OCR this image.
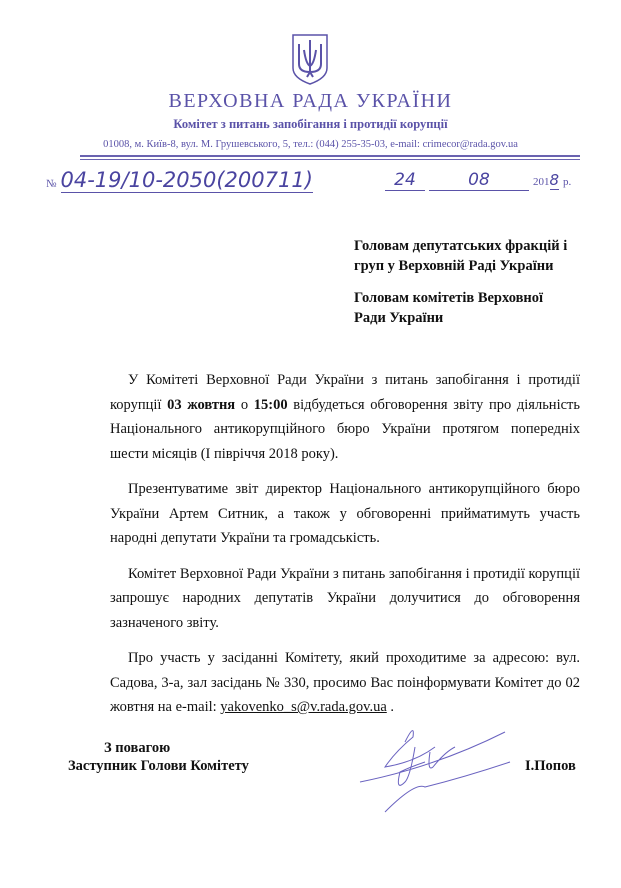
ВЕРХОВНА РАДА УКРАЇНИ
Комітет з питань запобігання і протидії корупції
01008, м. Київ-8, вул. М. Грушевського, 5, тел.: (044) 255-35-03, e-mail: crimecor@rada.gov.ua
№ 04-19/10-2050(200711)	24	08	2018 р.
Головам депутатських фракцій і
груп у Верховній Раді України
Головам комітетів Верховної
Ради України

У Комітеті Верховної Ради України з питань запобігання і протидії корупції 03 жовтня о 15:00 відбудеться обговорення звіту про діяльність Національного антикорупційного бюро України протягом попередніх шести місяців (І півріччя 2018 року).

Презентуватиме звіт директор Національного антикорупційного бюро України Артем Ситник, а також у обговоренні прийматимуть участь народні депутати України та громадськість.

Комітет Верховної Ради України з питань запобігання і протидії корупції запрошує народних депутатів України долучитися до обговорення зазначеного звіту.

Про участь у засіданні Комітету, який проходитиме за адресою: вул. Садова, 3-а, зал засідань № 330, просимо Вас поінформувати Комітет до 02 жовтня на e-mail: yakovenko_s@v.rada.gov.ua .

З повагою
Заступник Голови Комітету	І.Попов
